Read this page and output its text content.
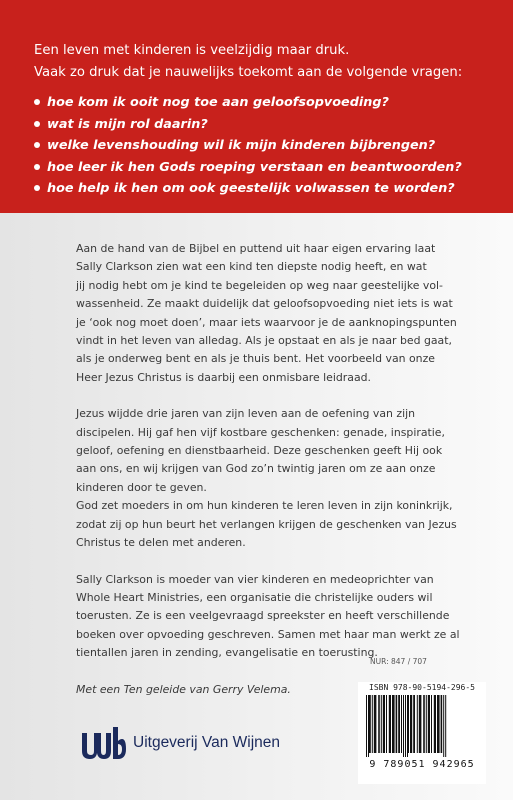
Een leven met kinderen is veelzijdig maar druk.
Vaak zo druk dat je nauwelijks toekomt aan de volgende vragen:
hoe kom ik ooit nog toe aan geloofsopvoeding?
wat is mijn rol daarin?
welke levenshouding wil ik mijn kinderen bijbrengen?
hoe leer ik hen Gods roeping verstaan en beantwoorden?
hoe help ik hen om ook geestelijk volwassen te worden?

Aan de hand van de Bijbel en puttend uit haar eigen ervaring laat
Sally Clarkson zien wat een kind ten diepste nodig heeft, en wat
jij nodig hebt om je kind te begeleiden op weg naar geestelijke vol-
wassenheid. Ze maakt duidelijk dat geloofsopvoeding niet iets is wat
je ‘ook nog moet doen’, maar iets waarvoor je de aanknopingspunten
vindt in het leven van alledag. Als je opstaat en als je naar bed gaat,
als je onderweg bent en als je thuis bent. Het voorbeeld van onze
Heer Jezus Christus is daarbij een onmisbare leidraad.

Jezus wijdde drie jaren van zijn leven aan de oefening van zijn
discipelen. Hij gaf hen vijf kostbare geschenken: genade, inspiratie,
geloof, oefening en dienstbaarheid. Deze geschenken geeft Hij ook
aan ons, en wij krijgen van God zo’n twintig jaren om ze aan onze
kinderen door te geven.
God zet moeders in om hun kinderen te leren leven in zijn koninkrijk,
zodat zij op hun beurt het verlangen krijgen de geschenken van Jezus
Christus te delen met anderen.

Sally Clarkson is moeder van vier kinderen en medeoprichter van
Whole Heart Ministries, een organisatie die christelijke ouders wil
toerusten. Ze is een veelgevraagd spreekster en heeft verschillende
boeken over opvoeding geschreven. Samen met haar man werkt ze al
tientallen jaren in zending, evangelisatie en toerusting.

Met een Ten geleide van Gerry Velema.

NUR: 847 / 707
ISBN 978-90-5194-296-5
9 789051 942965
Uitgeverij Van Wijnen
